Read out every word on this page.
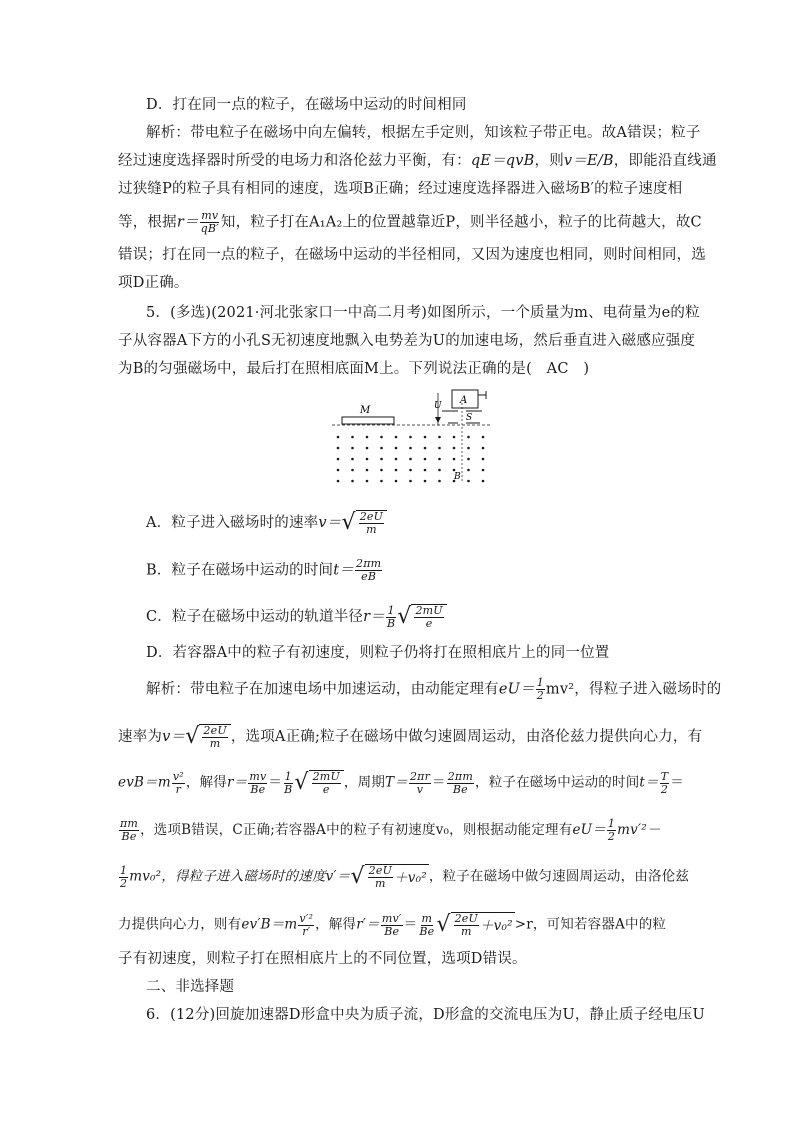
D．打在同一点的粒子，在磁场中运动的时间相同
解析：带电粒子在磁场中向左偏转，根据左手定则，知该粒子带正电。故A错误；粒子
经过速度选择器时所受的电场力和洛伦兹力平衡，有：qE＝qvB，则v＝E/B，即能沿直线通
过狭缝P的粒子具有相同的速度，选项B正确；经过速度选择器进入磁场B′的粒子速度相
等，根据$r= \frac{mv}{qB'}$ 知，粒子打在A₁A₂上的位置越靠近P，则半径越小，粒子的比荷越大，故C
错误；打在同一点的粒子，在磁场中运动的半径相同，又因为速度也相同，则时间相同，选
项D正确。
5．(多选)(2021·河北张家口一中高二月考)如图所示，一个质量为m、电荷量为e的粒
子从容器A下方的小孔S无初速度地飘入电势差为U的加速电场，然后垂直进入磁感应强度
为B的匀强磁场中，最后打在照相底面M上。下列说法正确的是(　AC　)
M	U A
S
B
A．粒子进入磁场时的速率v＝ √ $\frac{2eU}{m}$
B．粒子在磁场中运动的时间$t= \frac{2\pi m}{eB}$
C．粒子在磁场中运动的轨道半径$r= \frac{1}{B}$ √ $\frac{2mU}{e}$
D．若容器A中的粒子有初速度，则粒子仍将打在照相底片上的同一位置
解析：带电粒子在加速电场中加速运动，由动能定理有$eU= \frac{1}{2} mv^2$，得粒子进入磁场时的
速率为v＝ √ $\frac{2eU}{m}$ ，选项A正确;粒子在磁场中做匀速圆周运动，由洛伦兹力提供向心力，有
$evB=m \frac{\text{v²}}{r}$ ，解得$r= \frac{mv}{Be} = \frac{1}{B}$ √ $\frac{2mU}{e}$ ，周期$T= \frac{2\pi r}{v} = \frac{2\pi m}{Be}$ ，粒子在磁场中运动的时间$t= \frac{T}{2}$ ＝
$\frac{\pi m}{Be}$ ，选项B错误，C正确;若容器A中的粒子有初速度v₀，则根据动能定理有$eU= \frac{1}{2} mv'^2-$
$\frac{1}{2} mv_0^2$，得粒子进入磁场时的速度v′＝ √ $\frac{2eU}{m} +v_0^2$ ，粒子在磁场中做匀速圆周运动，由洛伦兹
力提供向心力，则有$ev'B=m \frac{\text{v′²}}{r'}$ ，解得$r'= \frac{mv'}{Be} = \frac{m}{Be}$ √ $\frac{2eU}{m} +v_0^2 >r$，可知若容器A中的粒
子有初速度，则粒子打在照相底片上的不同位置，选项D错误。
二、非选择题
6．(12分)回旋加速器D形盒中央为质子流，D形盒的交流电压为U，静止质子经电压U
